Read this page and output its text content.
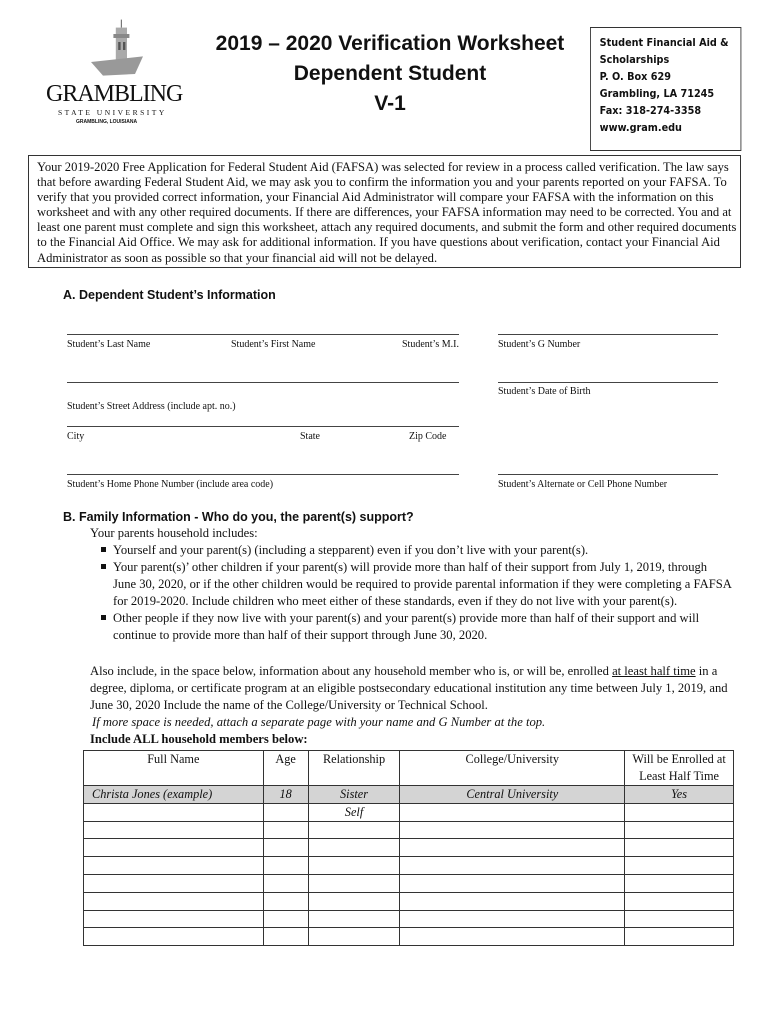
GRAMBLING
STATE UNIVERSITY
GRAMBLING, LOUISIANA
2019 – 2020 Verification Worksheet
Dependent Student
V-1
Student Financial Aid &
Scholarships
P. O. Box 629
Grambling, LA 71245
Fax: 318-274-3358
www.gram.edu
Your 2019-2020 Free Application for Federal Student Aid (FAFSA) was selected for review in a process called verification. The law says
that before awarding Federal Student Aid, we may ask you to confirm the information you and your parents reported on your FAFSA. To
verify that you provided correct information, your Financial Aid Administrator will compare your FAFSA with the information on this
worksheet and with any other required documents. If there are differences, your FAFSA information may need to be corrected. You and at
least one parent must complete and sign this worksheet, attach any required documents, and submit the form and other required documents
to the Financial Aid Office. We may ask for additional information. If you have questions about verification, contact your Financial Aid
Administrator as soon as possible so that your financial aid will not be delayed.
A. Dependent Student’s Information
Student’s Last Name	Student’s First Name	Student’s M.I.	Student’s G Number
Student’s Date of Birth
Student’s Street Address (include apt. no.)
City	State	Zip Code
Student’s Home Phone Number (include area code)	Student’s Alternate or Cell Phone Number
B. Family Information - Who do you, the parent(s) support?
Your parents household includes:
Yourself and your parent(s) (including a stepparent) even if you don’t live with your parent(s).
Your parent(s)’ other children if your parent(s) will provide more than half of their support from July 1, 2019, through
June 30, 2020, or if the other children would be required to provide parental information if they were completing a FAFSA
for 2019-2020. Include children who meet either of these standards, even if they do not live with your parent(s).
Other people if they now live with your parent(s) and your parent(s) provide more than half of their support and will
continue to provide more than half of their support through June 30, 2020.
Also include, in the space below, information about any household member who is, or will be, enrolled at least half time in a
degree, diploma, or certificate program at an eligible postsecondary educational institution any time between July 1, 2019, and
June 30, 2020 Include the name of the College/University or Technical School.
If more space is needed, attach a separate page with your name and G Number at the top.
Include ALL household members below:
Full Name	Age	Relationship	College/University	Will be Enrolled at Least Half Time
Christa Jones (example)	18	Sister	Central University	Yes
		Self		
